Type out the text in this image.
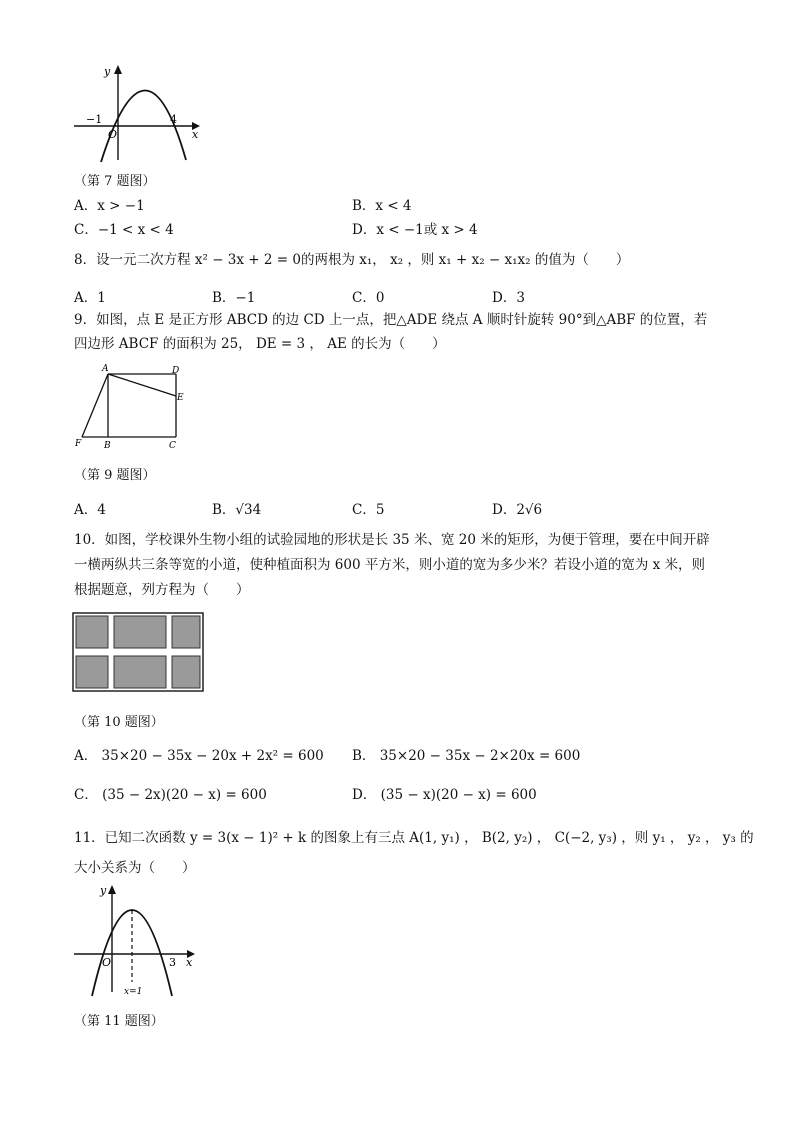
y
x
−1
O
4
（第 7 题图）
A．x > −1	B．x < 4
C．−1 < x < 4	D．x < −1或 x > 4
8．设一元二次方程 x² − 3x + 2 = 0的两根为 x₁， x₂ ，则 x₁ + x₂ − x₁x₂ 的值为（　　）
A．1	B．−1	C．0	D．3
9．如图，点 E 是正方形 ABCD 的边 CD 上一点，把△ADE 绕点 A 顺时针旋转 90°到△ABF 的位置，若
四边形 ABCF 的面积为 25， DE = 3 ， AE 的长为（　　）
A	D
E
F	B	C
（第 9 题图）
A．4	B．√34	C．5	D．2√6
10．如图，学校课外生物小组的试验园地的形状是长 35 米、宽 20 米的矩形，为便于管理，要在中间开辟
一横两纵共三条等宽的小道，使种植面积为 600 平方米，则小道的宽为多少米？若设小道的宽为 x 米，则
根据题意，列方程为（　　）
（第 10 题图）
A． 35×20 − 35x − 20x + 2x² = 600 B． 35×20 − 35x − 2×20x = 600
C． (35 − 2x)(20 − x) = 600	D． (35 − x)(20 − x) = 600
11．已知二次函数 y = 3(x − 1)² + k 的图象上有三点 A(1, y₁) ， B(2, y₂) ， C(−2, y₃) ，则 y₁ ， y₂ ， y₃ 的
大小关系为（　　）
y
x
O	3
x=1
（第 11 题图）
